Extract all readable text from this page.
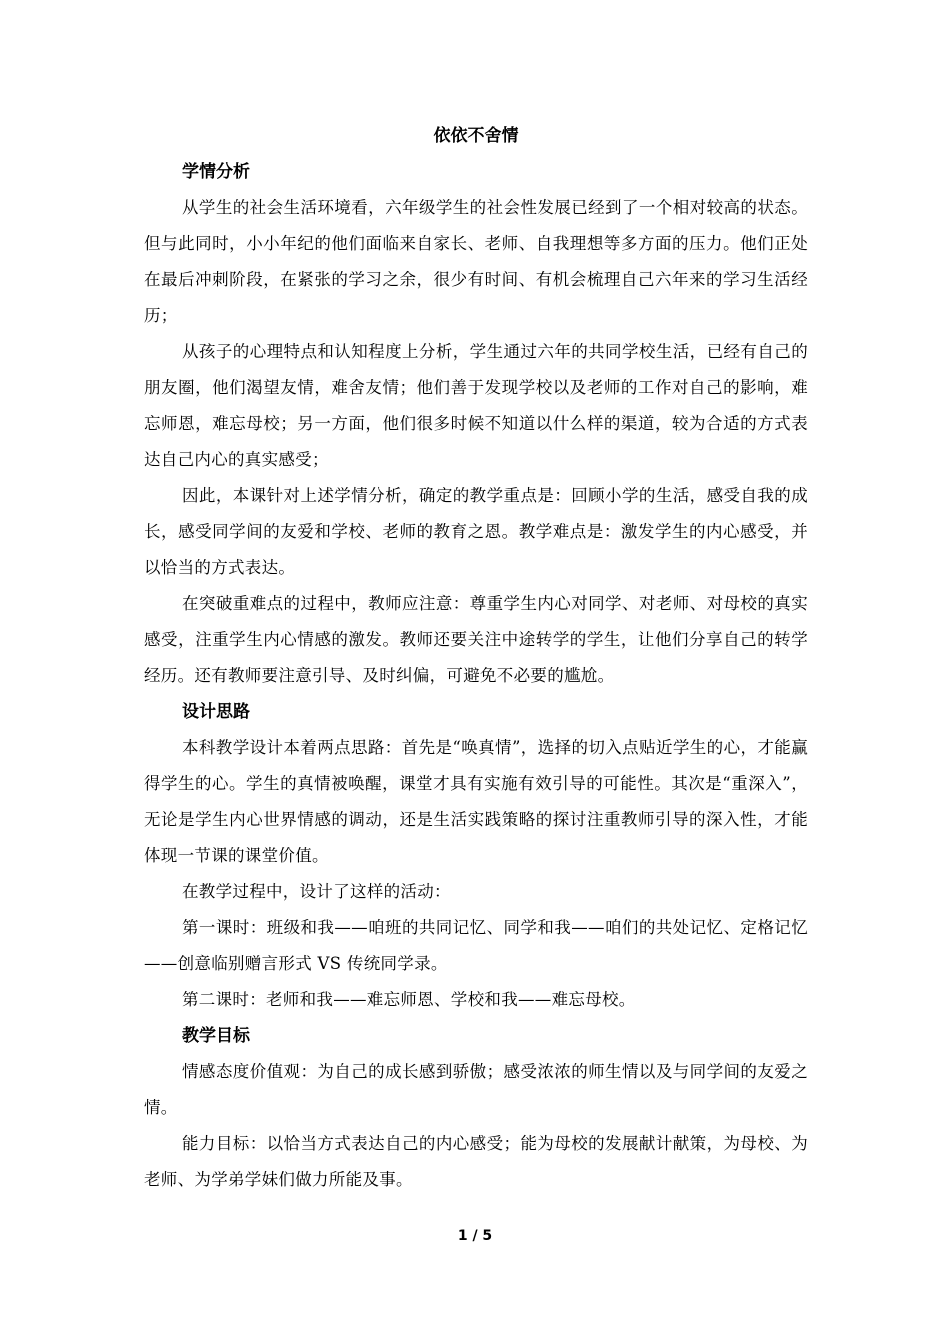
依依不舍情
学情分析

从学生的社会生活环境看，六年级学生的社会性发展已经到了一个相对较高的状态。但与此同时，小小年纪的他们面临来自家长、老师、自我理想等多方面的压力。他们正处在最后冲刺阶段，在紧张的学习之余，很少有时间、有机会梳理自己六年来的学习生活经历；

从孩子的心理特点和认知程度上分析，学生通过六年的共同学校生活，已经有自己的朋友圈，他们渴望友情，难舍友情；他们善于发现学校以及老师的工作对自己的影响，难忘师恩，难忘母校；另一方面，他们很多时候不知道以什么样的渠道，较为合适的方式表达自己内心的真实感受；

因此，本课针对上述学情分析，确定的教学重点是：回顾小学的生活，感受自我的成长，感受同学间的友爱和学校、老师的教育之恩。教学难点是：激发学生的内心感受，并以恰当的方式表达。

在突破重难点的过程中，教师应注意：尊重学生内心对同学、对老师、对母校的真实感受，注重学生内心情感的激发。教师还要关注中途转学的学生，让他们分享自己的转学经历。还有教师要注意引导、及时纠偏，可避免不必要的尴尬。

设计思路

本科教学设计本着两点思路：首先是“唤真情”，选择的切入点贴近学生的心，才能赢得学生的心。学生的真情被唤醒，课堂才具有实施有效引导的可能性。其次是“重深入”，无论是学生内心世界情感的调动，还是生活实践策略的探讨注重教师引导的深入性，才能体现一节课的课堂价值。

在教学过程中，设计了这样的活动：

第一课时：班级和我——咱班的共同记忆、同学和我——咱们的共处记忆、定格记忆——创意临别赠言形式 VS 传统同学录。

第二课时：老师和我——难忘师恩、学校和我——难忘母校。

教学目标

情感态度价值观：为自己的成长感到骄傲；感受浓浓的师生情以及与同学间的友爱之情。

能力目标：以恰当方式表达自己的内心感受；能为母校的发展献计献策，为母校、为老师、为学弟学妹们做力所能及事。

1 / 5
